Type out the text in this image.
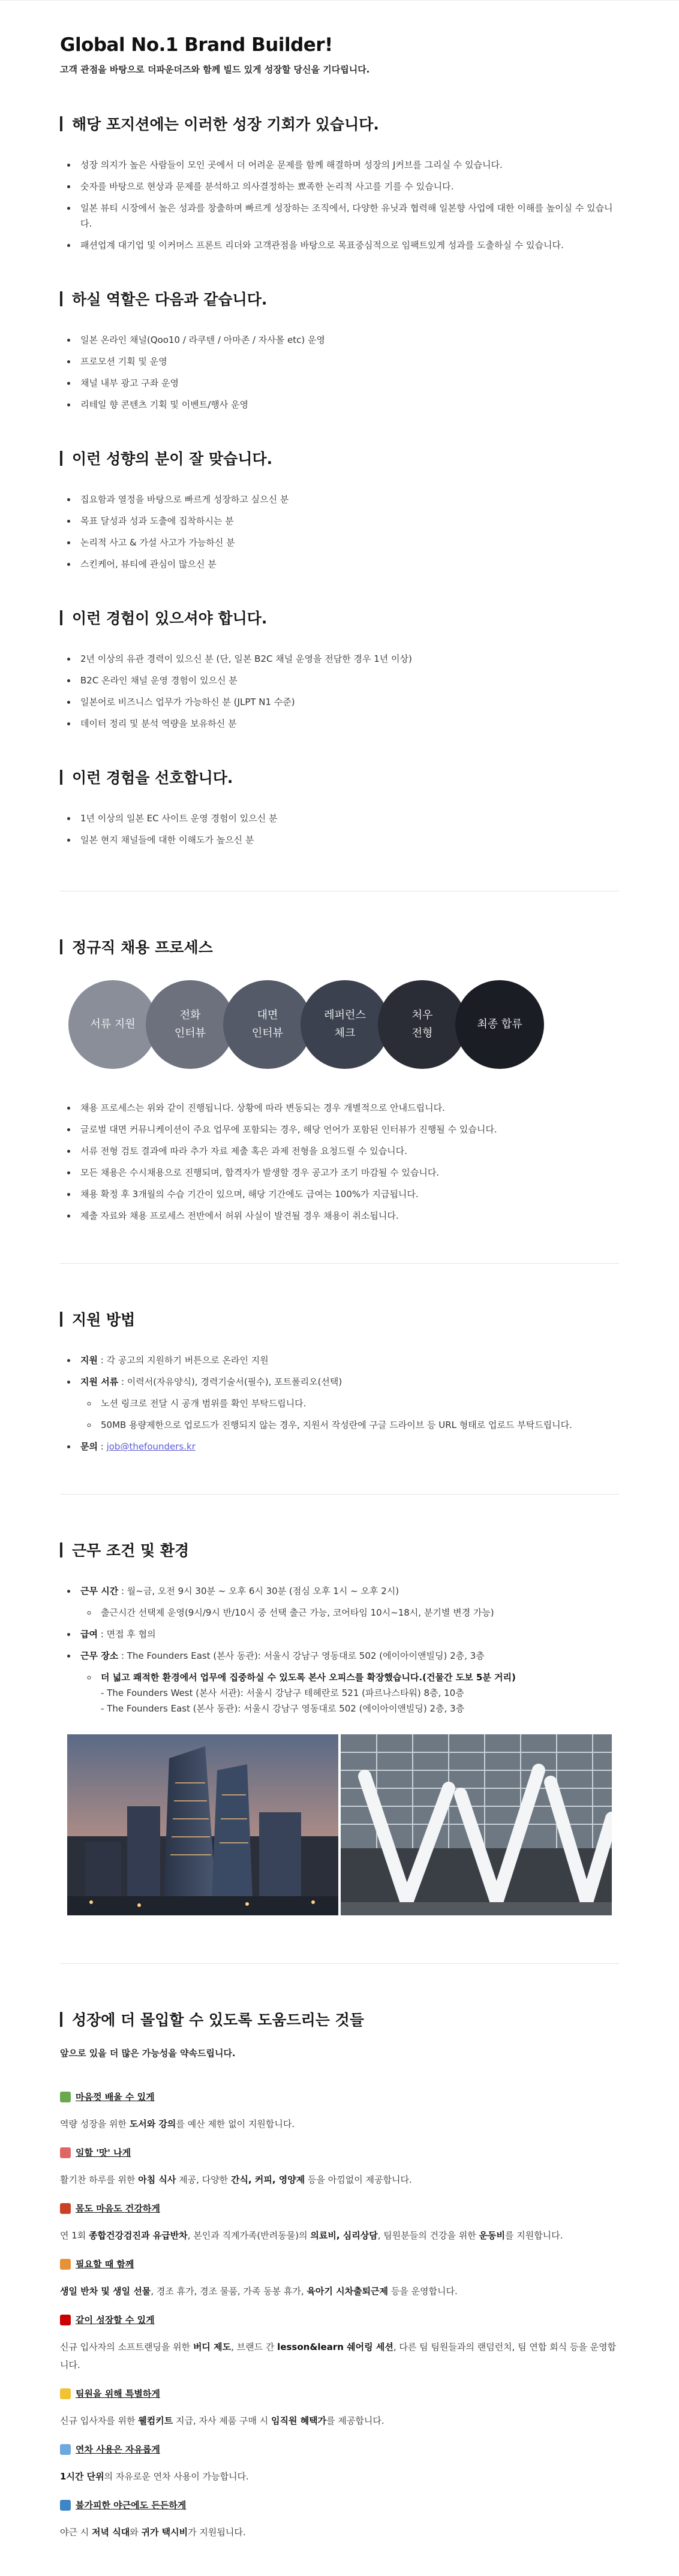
Global No.1 Brand Builder!
고객 관점을 바탕으로 더파운더즈와 함께 빌드 있게 성장할 당신을 기다립니다.
해당 포지션에는 이러한 성장 기회가 있습니다.
• 성장 의지가 높은 사람들이 모인 곳에서 더 어려운 문제를 함께 해결하며 성장의 J커브를 그리실 수 있습니다.
• 숫자를 바탕으로 현상과 문제를 분석하고 의사결정하는 뾰족한 논리적 사고를 기를 수 있습니다.
• 일본 뷰티 시장에서 높은 성과를 창출하며 빠르게 성장하는 조직에서, 다양한 유닛과 협력해 일본향 사업에 대한 이해를 높이실 수 있습니다.
• 패션업계 대기업 및 이커머스 프론트 리더와 고객관점을 바탕으로 목표중심적으로 임팩트있게 성과를 도출하실 수 있습니다.
하실 역할은 다음과 같습니다.
• 일본 온라인 채널(Qoo10 / 라쿠텐 / 아마존 / 자사몰 etc) 운영
• 프로모션 기획 및 운영
• 채널 내부 광고 구좌 운영
• 리테일 향 콘텐츠 기획 및 이벤트/행사 운영
이런 성향의 분이 잘 맞습니다.
• 집요함과 열정을 바탕으로 빠르게 성장하고 싶으신 분
• 목표 달성과 성과 도출에 집착하시는 분
• 논리적 사고 & 가설 사고가 가능하신 분
• 스킨케어, 뷰티에 관심이 많으신 분
이런 경험이 있으셔야 합니다.
• 2년 이상의 유관 경력이 있으신 분 (단, 일본 B2C 채널 운영을 전담한 경우 1년 이상)
• B2C 온라인 채널 운영 경험이 있으신 분
• 일본어로 비즈니스 업무가 가능하신 분 (JLPT N1 수준)
• 데이터 정리 및 분석 역량을 보유하신 분
이런 경험을 선호합니다.
• 1년 이상의 일본 EC 사이트 운영 경험이 있으신 분
• 일본 현지 채널들에 대한 이해도가 높으신 분
정규직 채용 프로세스
서류 지원
전화
인터뷰
대면
인터뷰
레퍼런스
체크
처우
전형
최종 합류
• 채용 프로세스는 위와 같이 진행됩니다. 상황에 따라 변동되는 경우 개별적으로 안내드립니다.
• 글로벌 대면 커뮤니케이션이 주요 업무에 포함되는 경우, 해당 언어가 포함된 인터뷰가 진행될 수 있습니다.
• 서류 전형 검토 결과에 따라 추가 자료 제출 혹은 과제 전형을 요청드릴 수 있습니다.
• 모든 채용은 수시채용으로 진행되며, 합격자가 발생할 경우 공고가 조기 마감될 수 있습니다.
• 채용 확정 후 3개월의 수습 기간이 있으며, 해당 기간에도 급여는 100%가 지급됩니다.
• 제출 자료와 채용 프로세스 전반에서 허위 사실이 발견될 경우 채용이 취소됩니다.
지원 방법
• 지원 : 각 공고의 지원하기 버튼으로 온라인 지원
• 지원 서류 : 이력서(자유양식), 경력기술서(필수), 포트폴리오(선택)
◦ 노션 링크로 전달 시 공개 범위를 확인 부탁드립니다.
◦ 50MB 용량제한으로 업로드가 진행되지 않는 경우, 지원서 작성란에 구글 드라이브 등 URL 형태로 업로드 부탁드립니다.
• 문의 : job@thefounders.kr
근무 조건 및 환경
• 근무 시간 : 월~금, 오전 9시 30분 ~ 오후 6시 30분 (점심 오후 1시 ~ 오후 2시)
◦ 출근시간 선택제 운영(9시/9시 반/10시 중 선택 출근 가능, 코어타임 10시~18시, 분기별 변경 가능)
• 급여 : 면접 후 협의
• 근무 장소 : The Founders East (본사 동관): 서울시 강남구 영동대로 502 (에이아이앤빌딩) 2층, 3층
◦ 더 넓고 쾌적한 환경에서 업무에 집중하실 수 있도록 본사 오피스를 확장했습니다.(건물간 도보 5분 거리)
- The Founders West (본사 서관): 서울시 강남구 테헤란로 521 (파르나스타워) 8층, 10층
- The Founders East (본사 동관): 서울시 강남구 영동대로 502 (에이아이앤빌딩) 2층, 3층
성장에 더 몰입할 수 있도록 도움드리는 것들
앞으로 있을 더 많은 가능성을 약속드립니다.
마음껏 배울 수 있게
역량 성장을 위한 도서와 강의를 예산 제한 없이 지원합니다.
일할 '맛' 나게
활기찬 하루를 위한 아침 식사 제공, 다양한 간식, 커피, 영양제 등을 아낌없이 제공합니다.
몸도 마음도 건강하게
연 1회 종합건강검진과 유급반차, 본인과 직계가족(반려동물)의 의료비, 심리상담, 팀원분들의 건강을 위한 운동비를 지원합니다.
필요할 때 함께
생일 반차 및 생일 선물, 경조 휴가, 경조 물품, 가족 동봉 휴가, 육아기 시차출퇴근제 등을 운영합니다.
같이 성장할 수 있게
신규 입사자의 소프트랜딩을 위한 버디 제도, 브랜드 간 lesson&learn 쉐어링 세션, 다른 팀 팀원들과의 랜덤런치, 팀 연합 회식 등을 운영합니다.
팀원을 위해 특별하게
신규 입사자를 위한 웰컴키트 지급, 자사 제품 구매 시 임직원 혜택가를 제공합니다.
연차 사용은 자유롭게
1시간 단위의 자유로운 연차 사용이 가능합니다.
불가피한 야근에도 든든하게
야근 시 저녁 식대와 귀가 택시비가 지원됩니다.
